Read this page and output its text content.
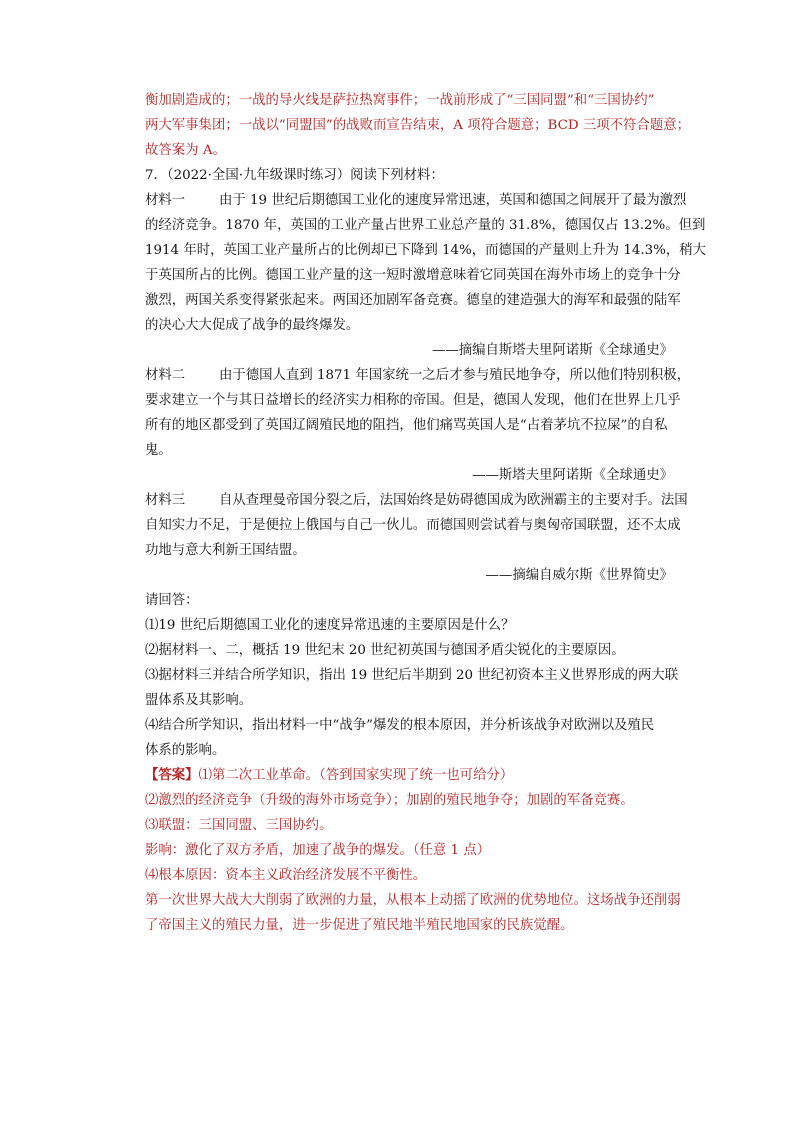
衡加剧造成的；一战的导火线是萨拉热窝事件；一战前形成了“三国同盟”和“三国协约”
两大军事集团；一战以“同盟国”的战败而宣告结束，A 项符合题意；BCD 三项不符合题意；
故答案为 A。
7．（2022·全国·九年级课时练习）阅读下列材料：
材料一	由于 19 世纪后期德国工业化的速度异常迅速，英国和德国之间展开了最为激烈
的经济竞争。1870 年，英国的工业产量占世界工业总产量的 31.8%，德国仅占 13.2%。但到
1914 年时，英国工业产量所占的比例却已下降到 14%，而德国的产量则上升为 14.3%，稍大
于英国所占的比例。德国工业产量的这一短时激增意味着它同英国在海外市场上的竞争十分
激烈，两国关系变得紧张起来。两国还加剧军备竞赛。德皇的建造强大的海军和最强的陆军
的决心大大促成了战争的最终爆发。
——摘编自斯塔夫里阿诺斯《全球通史》
材料二	由于德国人直到 1871 年国家统一之后才参与殖民地争夺，所以他们特别积极，
要求建立一个与其日益增长的经济实力相称的帝国。但是，德国人发现，他们在世界上几乎
所有的地区都受到了英国辽阔殖民地的阻挡，他们痛骂英国人是“占着茅坑不拉屎”的自私
鬼。
——斯塔夫里阿诺斯《全球通史》
材料三	自从查理曼帝国分裂之后，法国始终是妨碍德国成为欧洲霸主的主要对手。法国
自知实力不足，于是便拉上俄国与自己一伙儿。而德国则尝试着与奥匈帝国联盟，还不太成
功地与意大利新王国结盟。
——摘编自威尔斯《世界简史》
请回答：
⑴19 世纪后期德国工业化的速度异常迅速的主要原因是什么？
⑵据材料一、二，概括 19 世纪末 20 世纪初英国与德国矛盾尖锐化的主要原因。
⑶据材料三并结合所学知识，指出 19 世纪后半期到 20 世纪初资本主义世界形成的两大联
盟体系及其影响。
⑷结合所学知识，指出材料一中“战争”爆发的根本原因，并分析该战争对欧洲以及殖民
体系的影响。
【答案】⑴第二次工业革命。（答到国家实现了统一也可给分）
⑵激烈的经济竞争（升级的海外市场竞争）；加剧的殖民地争夺；加剧的军备竞赛。
⑶联盟：三国同盟、三国协约。
影响：激化了双方矛盾，加速了战争的爆发。（任意 1 点）
⑷根本原因：资本主义政治经济发展不平衡性。
第一次世界大战大大削弱了欧洲的力量，从根本上动摇了欧洲的优势地位。这场战争还削弱
了帝国主义的殖民力量，进一步促进了殖民地半殖民地国家的民族觉醒。
